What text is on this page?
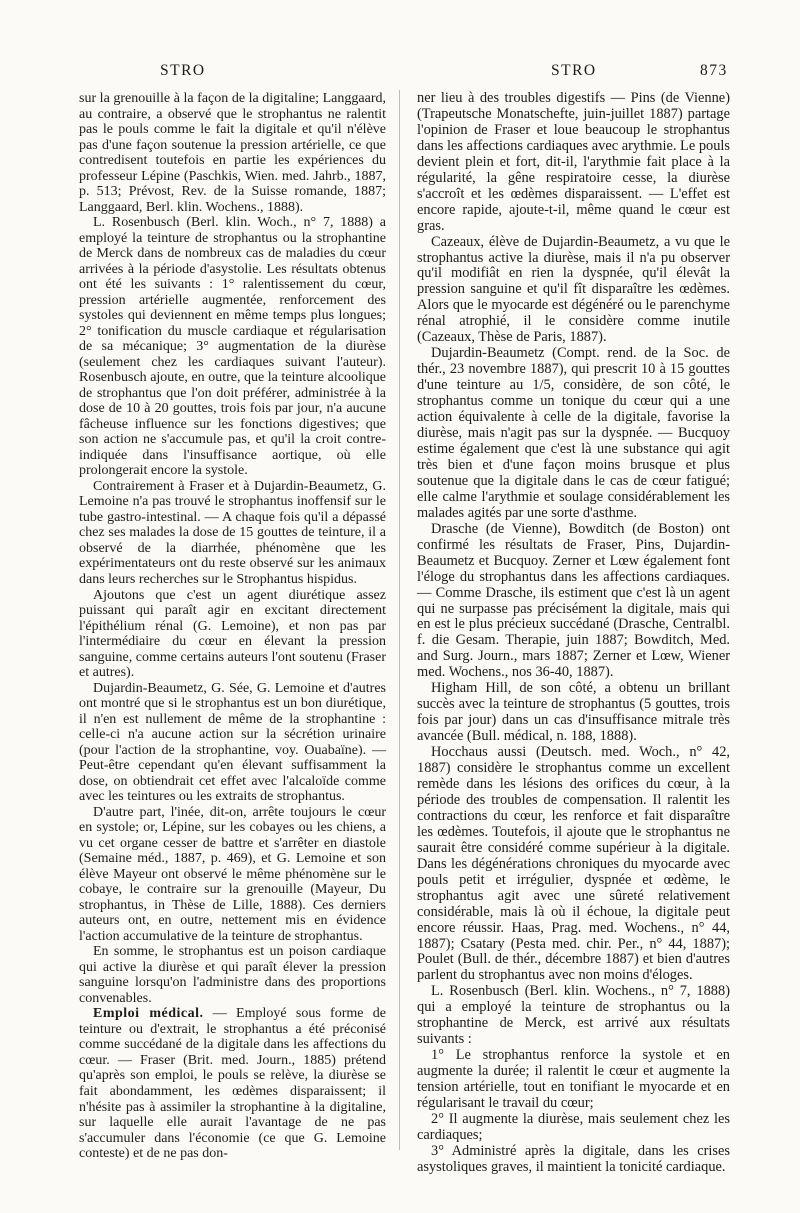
STRO	STRO	873

sur la grenouille à la façon de la digitaline; Langgaard, au contraire, a observé que le strophantus ne ralentit pas le pouls comme le fait la digitale et qu'il n'élève pas d'une façon soutenue la pression artérielle, ce que contredisent toutefois en partie les expériences du professeur Lépine (Paschkis, Wien. med. Jahrb., 1887, p. 513; Prévost, Rev. de la Suisse romande, 1887; Langgaard, Berl. klin. Wochens., 1888).

L. Rosenbusch (Berl. klin. Woch., n° 7, 1888) a employé la teinture de strophantus ou la strophantine de Merck dans de nombreux cas de maladies du cœur arrivées à la période d'asystolie. Les résultats obtenus ont été les suivants : 1° ralentissement du cœur, pression artérielle augmentée, renforcement des systoles qui deviennent en même temps plus longues; 2° tonification du muscle cardiaque et régularisation de sa mécanique; 3° augmentation de la diurèse (seulement chez les cardiaques suivant l'auteur). Rosenbusch ajoute, en outre, que la teinture alcoolique de strophantus que l'on doit préférer, administrée à la dose de 10 à 20 gouttes, trois fois par jour, n'a aucune fâcheuse influence sur les fonctions digestives; que son action ne s'accumule pas, et qu'il la croit contre-indiquée dans l'insuffisance aortique, où elle prolongerait encore la systole.

Contrairement à Fraser et à Dujardin-Beaumetz, G. Lemoine n'a pas trouvé le strophantus inoffensif sur le tube gastro-intestinal. — A chaque fois qu'il a dépassé chez ses malades la dose de 15 gouttes de teinture, il a observé de la diarrhée, phénomène que les expérimentateurs ont du reste observé sur les animaux dans leurs recherches sur le Strophantus hispidus.

Ajoutons que c'est un agent diurétique assez puissant qui paraît agir en excitant directement l'épithélium rénal (G. Lemoine), et non pas par l'intermédiaire du cœur en élevant la pression sanguine, comme certains auteurs l'ont soutenu (Fraser et autres).

Dujardin-Beaumetz, G. Sée, G. Lemoine et d'autres ont montré que si le strophantus est un bon diurétique, il n'en est nullement de même de la strophantine : celle-ci n'a aucune action sur la sécrétion urinaire (pour l'action de la strophantine, voy. Ouabaïne). — Peut-être cependant qu'en élevant suffisamment la dose, on obtiendrait cet effet avec l'alcaloïde comme avec les teintures ou les extraits de strophantus.

D'autre part, l'inée, dit-on, arrête toujours le cœur en systole; or, Lépine, sur les cobayes ou les chiens, a vu cet organe cesser de battre et s'arrêter en diastole (Semaine méd., 1887, p. 469), et G. Lemoine et son élève Mayeur ont observé le même phénomène sur le cobaye, le contraire sur la grenouille (Mayeur, Du strophantus, in Thèse de Lille, 1888). Ces derniers auteurs ont, en outre, nettement mis en évidence l'action accumulative de la teinture de strophantus.

En somme, le strophantus est un poison cardiaque qui active la diurèse et qui paraît élever la pression sanguine lorsqu'on l'administre dans des proportions convenables.

Emploi médical. — Employé sous forme de teinture ou d'extrait, le strophantus a été préconisé comme succédané de la digitale dans les affections du cœur. — Fraser (Brit. med. Journ., 1885) prétend qu'après son emploi, le pouls se relève, la diurèse se fait abondamment, les œdèmes disparaissent; il n'hésite pas à assimiler la strophantine à la digitaline, sur laquelle elle aurait l'avantage de ne pas s'accumuler dans l'économie (ce que G. Lemoine conteste) et de ne pas don-

ner lieu à des troubles digestifs — Pins (de Vienne) (Trapeutsche Monatschefte, juin-juillet 1887) partage l'opinion de Fraser et loue beaucoup le strophantus dans les affections cardiaques avec arythmie. Le pouls devient plein et fort, dit-il, l'arythmie fait place à la régularité, la gêne respiratoire cesse, la diurèse s'accroît et les œdèmes disparaissent. — L'effet est encore rapide, ajoute-t-il, même quand le cœur est gras.

Cazeaux, élève de Dujardin-Beaumetz, a vu que le strophantus active la diurèse, mais il n'a pu observer qu'il modifiât en rien la dyspnée, qu'il élevât la pression sanguine et qu'il fît disparaître les œdèmes. Alors que le myocarde est dégénéré ou le parenchyme rénal atrophié, il le considère comme inutile (Cazeaux, Thèse de Paris, 1887).

Dujardin-Beaumetz (Compt. rend. de la Soc. de thér., 23 novembre 1887), qui prescrit 10 à 15 gouttes d'une teinture au 1/5, considère, de son côté, le strophantus comme un tonique du cœur qui a une action équivalente à celle de la digitale, favorise la diurèse, mais n'agit pas sur la dyspnée. — Bucquoy estime également que c'est là une substance qui agit très bien et d'une façon moins brusque et plus soutenue que la digitale dans le cas de cœur fatigué; elle calme l'arythmie et soulage considérablement les malades agités par une sorte d'asthme.

Drasche (de Vienne), Bowditch (de Boston) ont confirmé les résultats de Fraser, Pins, Dujardin-Beaumetz et Bucquoy. Zerner et Lœw également font l'éloge du strophantus dans les affections cardiaques. — Comme Drasche, ils estiment que c'est là un agent qui ne surpasse pas précisément la digitale, mais qui en est le plus précieux succédané (Drasche, Centralbl. f. die Gesam. Therapie, juin 1887; Bowditch, Med. and Surg. Journ., mars 1887; Zerner et Lœw, Wiener med. Wochens., nos 36-40, 1887).

Higham Hill, de son côté, a obtenu un brillant succès avec la teinture de strophantus (5 gouttes, trois fois par jour) dans un cas d'insuffisance mitrale très avancée (Bull. médical, n. 188, 1888).

Hocchaus aussi (Deutsch. med. Woch., n° 42, 1887) considère le strophantus comme un excellent remède dans les lésions des orifices du cœur, à la période des troubles de compensation. Il ralentit les contractions du cœur, les renforce et fait disparaître les œdèmes. Toutefois, il ajoute que le strophantus ne saurait être considéré comme supérieur à la digitale. Dans les dégénérations chroniques du myocarde avec pouls petit et irrégulier, dyspnée et œdème, le strophantus agit avec une sûreté relativement considérable, mais là où il échoue, la digitale peut encore réussir. Haas, Prag. med. Wochens., n° 44, 1887); Csatary (Pesta med. chir. Per., n° 44, 1887); Poulet (Bull. de thér., décembre 1887) et bien d'autres parlent du strophantus avec non moins d'éloges.

L. Rosenbusch (Berl. klin. Wochens., n° 7, 1888) qui a employé la teinture de strophantus ou la strophantine de Merck, est arrivé aux résultats suivants :

1° Le strophantus renforce la systole et en augmente la durée; il ralentit le cœur et augmente la tension artérielle, tout en tonifiant le myocarde et en régularisant le travail du cœur;

2° Il augmente la diurèse, mais seulement chez les cardiaques;

3° Administré après la digitale, dans les crises asystoliques graves, il maintient la tonicité cardiaque.
